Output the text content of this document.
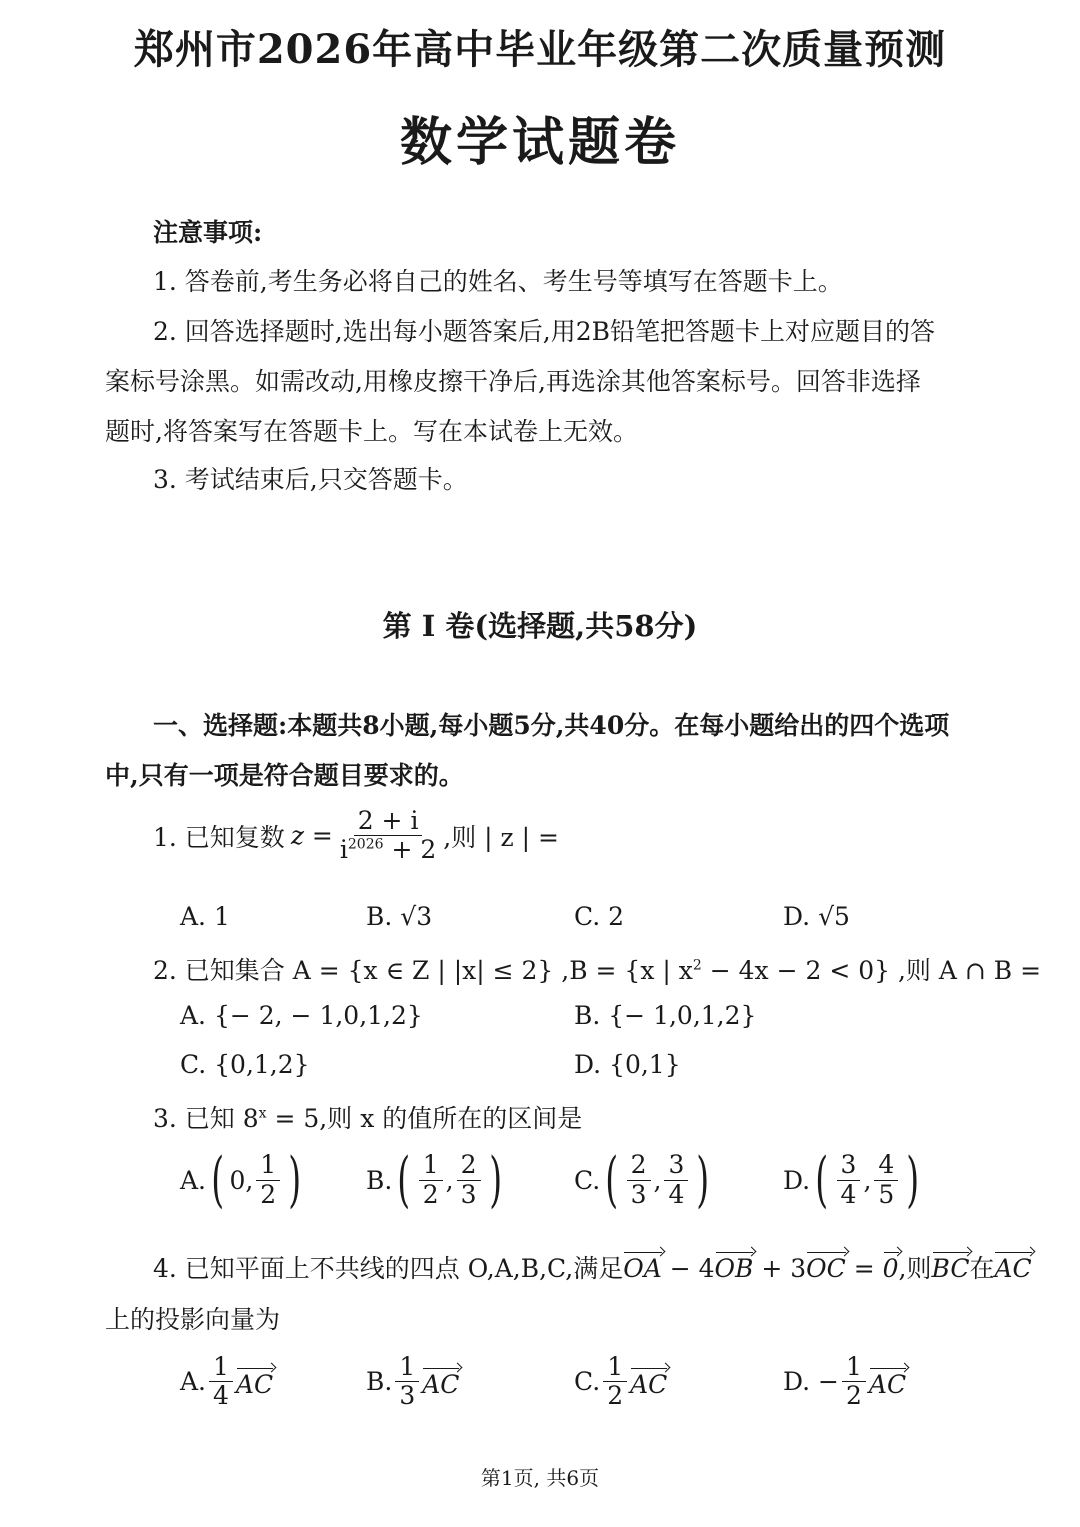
郑州市2026年高中毕业年级第二次质量预测
数学试题卷
注意事项:
1. 答卷前,考生务必将自己的姓名、考生号等填写在答题卡上。
2. 回答选择题时,选出每小题答案后,用2B铅笔把答题卡上对应题目的答
案标号涂黑。如需改动,用橡皮擦干净后,再选涂其他答案标号。回答非选择
题时,将答案写在答题卡上。写在本试卷上无效。
3. 考试结束后,只交答题卡。
第 Ⅰ 卷(选择题,共58分)
一、选择题:本题共8小题,每小题5分,共40分。在每小题给出的四个选项
中,只有一项是符合题目要求的。
1. 已知复数 $z = \frac{2 + i}{i^{2026} + 2}$ ,则 | z | =
A. 1	B. √3	C. 2	D. √5
2. 已知集合 A = {x ∈ Z | |x| ≤ 2} ,B = {x | $x^2 - 4x - 2 < 0$} ,则 A ∩ B =
A. {− 2, − 1,0,1,2}	B. {− 1,0,1,2}
C. {0,1,2}	D. {0,1}
3. 已知 $8^x = 5$,则 x 的值所在的区间是
A. ( 0, $\frac{1}{2}$ )	B. ( $\frac{1}{2}$ , $\frac{2}{3}$ )	C. ( $\frac{2}{3}$ , $\frac{3}{4}$ )	D. ( $\frac{3}{4}$ , $\frac{4}{5}$ )
4. 已知平面上不共线的四点 O,A,B,C,满足OA − 4OB + 3OC = 0,则BC在AC
上的投影向量为
A. $\frac{1}{4}$ AC	B. $\frac{1}{3}$ AC	C. $\frac{1}{2}$ AC	D. − $\frac{1}{2}$ AC
第1页, 共6页
